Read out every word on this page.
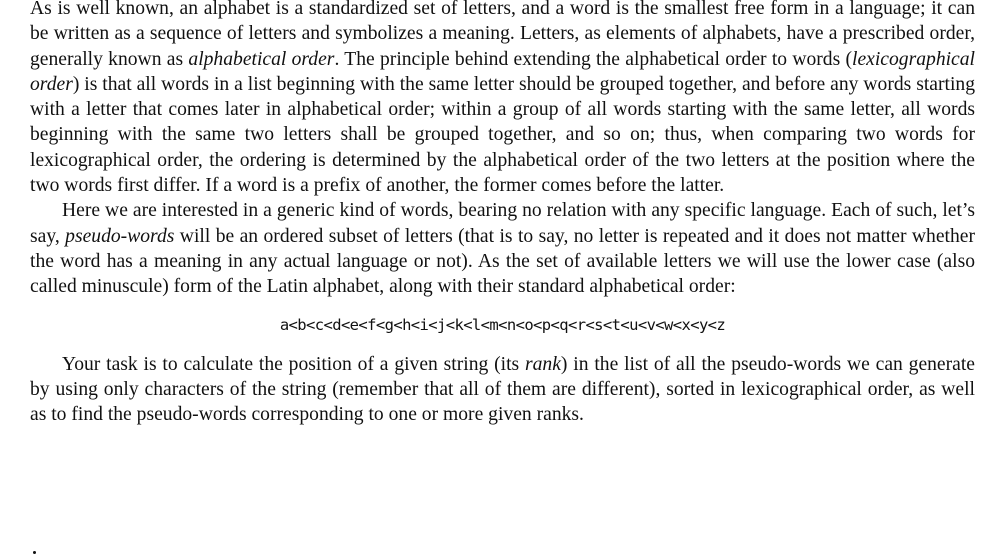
As is well known, an alphabet is a standardized set of letters, and a word is the smallest free form in a language; it can be written as a sequence of letters and symbolizes a meaning. Letters, as elements of alphabets, have a prescribed order, generally known as alphabetical order. The principle behind extending the alphabetical order to words (lexicographical order) is that all words in a list beginning with the same letter should be grouped together, and before any words starting with a letter that comes later in alphabetical order; within a group of all words starting with the same letter, all words beginning with the same two letters shall be grouped together, and so on; thus, when comparing two words for lexicographical order, the ordering is determined by the alphabetical order of the two letters at the position where the two words first differ. If a word is a prefix of another, the former comes before the latter.

Here we are interested in a generic kind of words, bearing no relation with any specific language. Each of such, let’s say, pseudo-words will be an ordered subset of letters (that is to say, no letter is repeated and it does not matter whether the word has a meaning in any actual language or not). As the set of available letters we will use the lower case (also called minuscule) form of the Latin alphabet, along with their standard alphabetical order:

a<b<c<d<e<f<g<h<i<j<k<l<m<n<o<p<q<r<s<t<u<v<w<x<y<z

Your task is to calculate the position of a given string (its rank) in the list of all the pseudo-words we can generate by using only characters of the string (remember that all of them are different), sorted in lexicographical order, as well as to find the pseudo-words corresponding to one or more given ranks.
